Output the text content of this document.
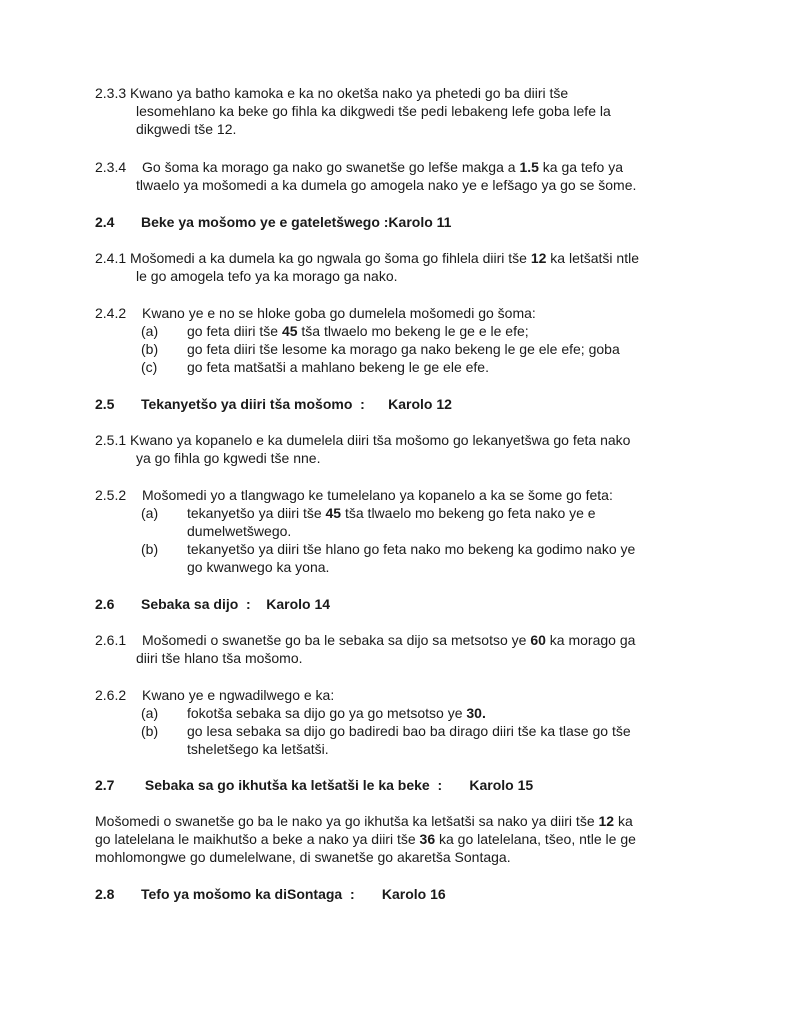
2.3.3 Kwano ya batho kamoka e ka no oketša nako ya phetedi go ba diiri tše
lesomehlano ka beke go fihla ka dikgwedi tše pedi lebakeng lefe goba lefe la
dikgwedi tše 12.
2.3.4 Go šoma ka morago ga nako go swanetše go lefše makga a 1.5 ka ga tefo ya
tlwaelo ya mošomedi a ka dumela go amogela nako ye e lefšago ya go se šome.
2.4 Beke ya mošomo ye e gateletšwego :Karolo 11
2.4.1 Mošomedi a ka dumela ka go ngwala go šoma go fihlela diiri tše 12 ka letšatši ntle
le go amogela tefo ya ka morago ga nako.
2.4.2 Kwano ye e no se hloke goba go dumelela mošomedi go šoma:
(a) go feta diiri tše 45 tša tlwaelo mo bekeng le ge e le efe;
(b) go feta diiri tše lesome ka morago ga nako bekeng le ge ele efe; goba
(c) go feta matšatši a mahlano bekeng le ge ele efe.
2.5 Tekanyetšo ya diiri tša mošomo  :      Karolo 12
2.5.1 Kwano ya kopanelo e ka dumelela diiri tša mošomo go lekanyetšwa go feta nako
ya go fihla go kgwedi tše nne.
2.5.2 Mošomedi yo a tlangwago ke tumelelano ya kopanelo a ka se šome go feta:
(a) tekanyetšo ya diiri tše 45 tša tlwaelo mo bekeng go feta nako ye e
dumelwetšwego.
(b) tekanyetšo ya diiri tše hlano go feta nako mo bekeng ka godimo nako ye
go kwanwego ka yona.
2.6 Sebaka sa dijo  :    Karolo 14
2.6.1 Mošomedi o swanetše go ba le sebaka sa dijo sa metsotso ye 60 ka morago ga
diiri tše hlano tša mošomo.
2.6.2 Kwano ye e ngwadilwego e ka:
(a) fokotša sebaka sa dijo go ya go metsotso ye 30.
(b) go lesa sebaka sa dijo go badiredi bao ba dirago diiri tše ka tlase go tše
tsheletšego ka letšatši.
2.7 Sebaka sa go ikhutša ka letšatši le ka beke  :       Karolo 15
Mošomedi o swanetše go ba le nako ya go ikhutša ka letšatši sa nako ya diiri tše 12 ka
go latelelana le maikhutšo a beke a nako ya diiri tše 36 ka go latelelana, tšeo, ntle le ge
mohlomongwe go dumelelwane, di swanetše go akaretša Sontaga.
2.8 Tefo ya mošomo ka diSontaga  :       Karolo 16
